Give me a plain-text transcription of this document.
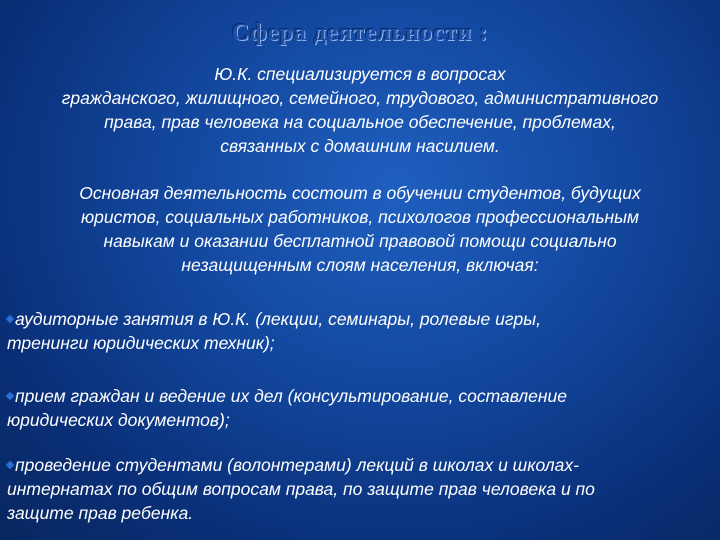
Сфера деятельности :
Ю.К. специализируется в вопросах
гражданского, жилищного, семейного, трудового, административного
права, прав человека на социальное обеспечение, проблемах,
связанных с домашним насилием.
Основная деятельность состоит в обучении студентов, будущих
юристов, социальных работников, психологов профессиональным
навыкам и оказании бесплатной правовой помощи социально
незащищенным слоям населения, включая:
аудиторные занятия в Ю.К. (лекции, семинары, ролевые игры,
тренинги юридических техник);
прием граждан и ведение их дел (консультирование, составление
юридических документов);
проведение студентами (волонтерами) лекций в школах и школах-
интернатах по общим вопросам права, по защите прав человека и по
защите прав ребенка.
